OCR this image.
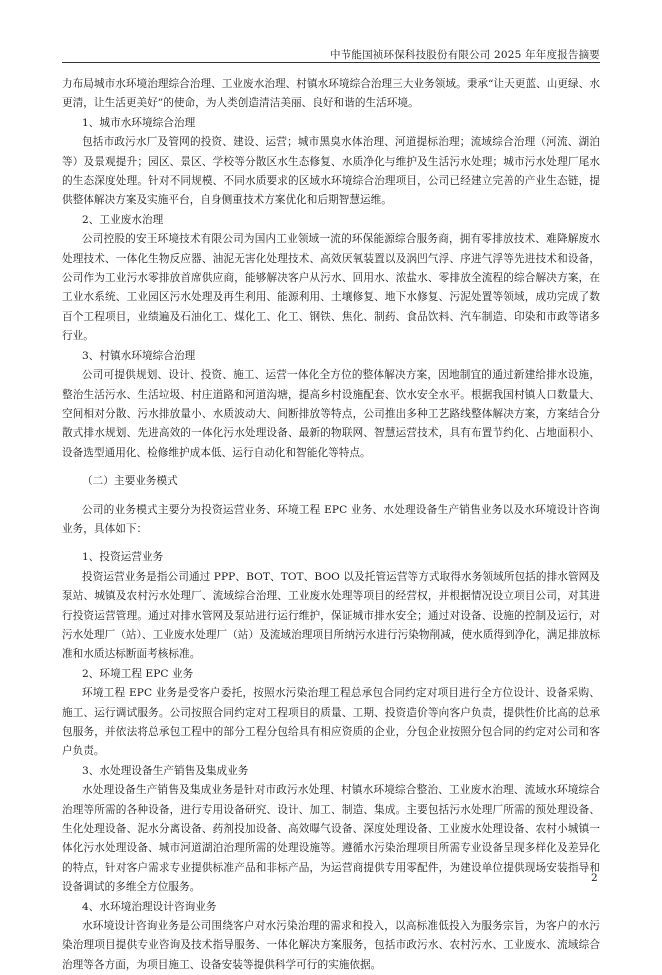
中节能国祯环保科技股份有限公司 2025 年年度报告摘要

力布局城市水环境治理综合治理、工业废水治理、村镇水环境综合治理三大业务领域。秉承“让天更蓝、山更绿、水更清，让生活更美好”的使命，为人类创造清洁美丽、良好和谐的生活环境。

1、城市水环境综合治理

包括市政污水厂及管网的投资、建设、运营；城市黑臭水体治理、河道提标治理；流域综合治理（河流、湖泊等）及景观提升；园区、景区、学校等分散区水生态修复、水质净化与维护及生活污水处理；城市污水处理厂尾水的生态深度处理。针对不同规模、不同水质要求的区域水环境综合治理项目，公司已经建立完善的产业生态链，提供整体解决方案及实施平台，自身侧重技术方案优化和后期智慧运维。

2、工业废水治理

公司控股的安王环境技术有限公司为国内工业领域一流的环保能源综合服务商，拥有零排放技术、难降解废水处理技术、一体化生物反应器、油泥无害化处理技术、高效厌氧装置以及涡凹气浮、序进气浮等先进技术和设备，公司作为工业污水零排放首席供应商，能够解决客户从污水、回用水、浓盐水、零排放全流程的综合解决方案，在工业水系统、工业园区污水处理及再生利用、能源利用、土壤修复、地下水修复、污泥处置等领域，成功完成了数百个工程项目，业绩遍及石油化工、煤化工、化工、钢铁、焦化、制药、食品饮料、汽车制造、印染和市政等诸多行业。

3、村镇水环境综合治理

公司可提供规划、设计、投资、施工、运营一体化全方位的整体解决方案，因地制宜的通过新建给排水设施，整治生活污水、生活垃圾、村庄道路和河道沟塘，提高乡村设施配套、饮水安全水平。根据我国村镇人口数量大、空间相对分散、污水排放量小、水质波动大、间断排放等特点，公司推出多种工艺路线整体解决方案，方案结合分散式排水规划、先进高效的一体化污水处理设备、最新的物联网、智慧运营技术，具有布置节约化、占地面积小、设备选型通用化、检修维护成本低、运行自动化和智能化等特点。

（二）主要业务模式

公司的业务模式主要分为投资运营业务、环境工程 EPC 业务、水处理设备生产销售业务以及水环境设计咨询业务，具体如下：

1、投资运营业务

投资运营业务是指公司通过 PPP、BOT、TOT、BOO 以及托管运营等方式取得水务领域所包括的排水管网及泵站、城镇及农村污水处理厂、流域综合治理、工业废水处理等项目的经营权，并根据情况设立项目公司，对其进行投资运营管理。通过对排水管网及泵站进行运行维护，保证城市排水安全；通过对设备、设施的控制及运行，对污水处理厂（站）、工业废水处理厂（站）及流域治理项目所纳污水进行污染物削减，使水质得到净化，满足排放标准和水质达标断面考核标准。

2、环境工程 EPC 业务

环境工程 EPC 业务是受客户委托，按照水污染治理工程总承包合同约定对项目进行全方位设计、设备采购、施工、运行调试服务。公司按照合同约定对工程项目的质量、工期、投资造价等向客户负责，提供性价比高的总承包服务，并依法将总承包工程中的部分工程分包给具有相应资质的企业，分包企业按照分包合同的约定对公司和客户负责。

3、水处理设备生产销售及集成业务

水处理设备生产销售及集成业务是针对市政污水处理、村镇水环境综合整治、工业废水治理、流域水环境综合治理等所需的各种设备，进行专用设备研究、设计、加工、制造、集成。主要包括污水处理厂所需的预处理设备、生化处理设备、泥水分离设备、药剂投加设备、高效曝气设备、深度处理设备、工业废水处理设备、农村小城镇一体化污水处理设备、城市河道湖泊治理所需的处理设施等。遵循水污染治理项目所需专业设备呈现多样化及差异化的特点，针对客户需求专业提供标准产品和非标产品，为运营商提供专用零配件，为建设单位提供现场安装指导和设备调试的多维全方位服务。

4、水环境治理设计咨询业务

水环境设计咨询业务是公司围绕客户对水污染治理的需求和投入，以高标准低投入为服务宗旨，为客户的水污染治理项目提供专业咨询及技术指导服务、一体化解决方案服务，包括市政污水、农村污水、工业废水、流域综合治理等各方面，为项目施工、设备安装等提供科学可行的实施依据。

2
